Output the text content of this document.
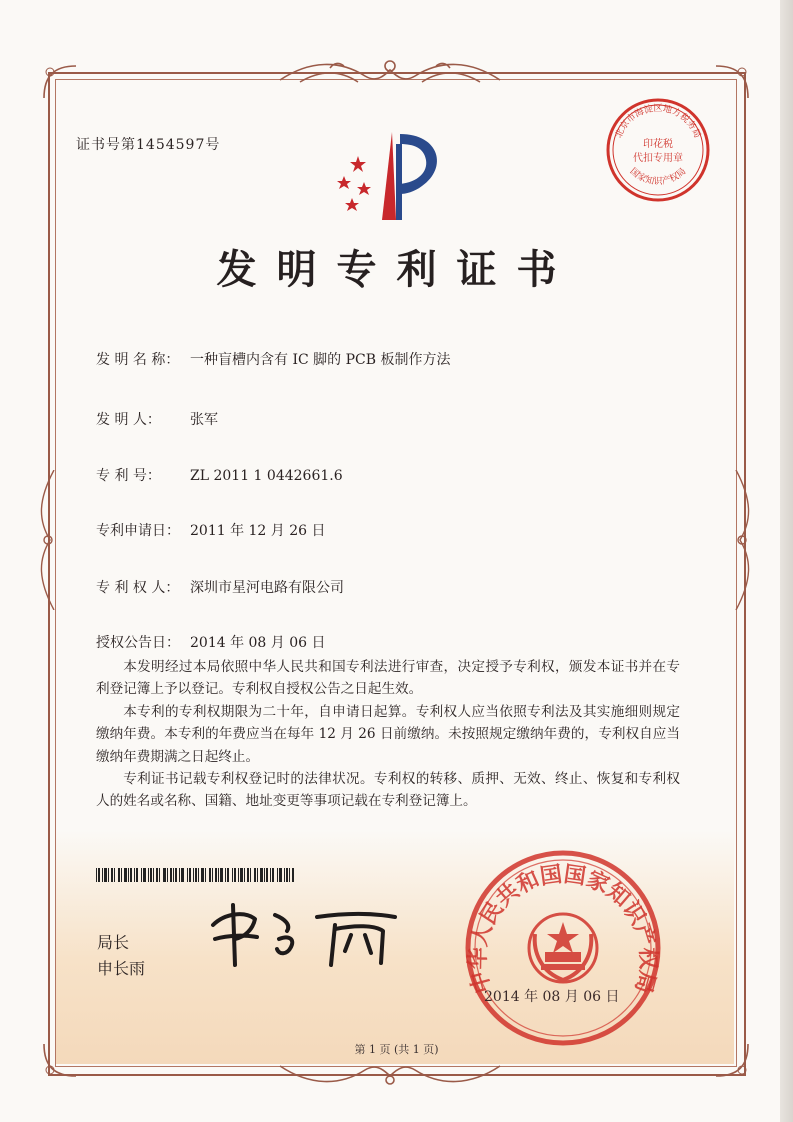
证书号第1454597号
北京市海淀区地方税务局
印花税
代扣专用章
国家知识产权局
发明专利证书
发 明 名 称： 一种盲槽内含有 IC 脚的 PCB 板制作方法
发 明 人： 张军
专 利 号： ZL 2011 1 0442661.6
专利申请日： 2011 年 12 月 26 日
专 利 权 人： 深圳市星河电路有限公司
授权公告日： 2014 年 08 月 06 日

本发明经过本局依照中华人民共和国专利法进行审查，决定授予专利权，颁发本证书并在专利登记簿上予以登记。专利权自授权公告之日起生效。

本专利的专利权期限为二十年，自申请日起算。专利权人应当依照专利法及其实施细则规定缴纳年费。本专利的年费应当在每年 12 月 26 日前缴纳。未按照规定缴纳年费的，专利权自应当缴纳年费期满之日起终止。

专利证书记载专利权登记时的法律状况。专利权的转移、质押、无效、终止、恢复和专利权人的姓名或名称、国籍、地址变更等事项记载在专利登记簿上。

局长
申长雨	中华人民共和国国家知识产权局
2014 年 08 月 06 日
第 1 页 (共 1 页)
